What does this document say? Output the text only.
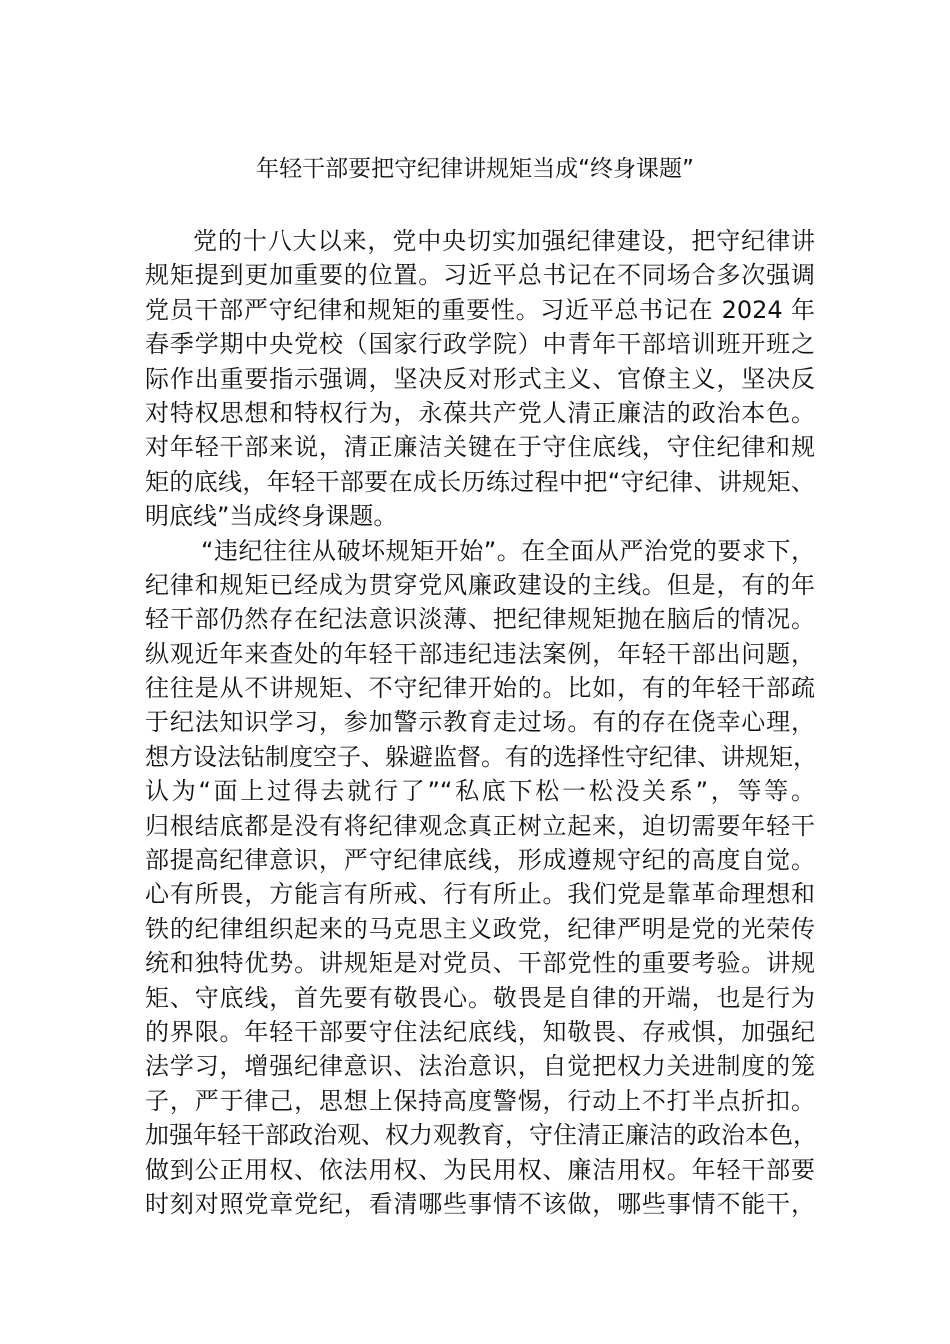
年轻干部要把守纪律讲规矩当成“终身课题”
党的十八大以来，党中央切实加强纪律建设，把守纪律讲
规矩提到更加重要的位置。习近平总书记在不同场合多次强调
党员干部严守纪律和规矩的重要性。习近平总书记在 2024 年
春季学期中央党校（国家行政学院）中青年干部培训班开班之
际作出重要指示强调，坚决反对形式主义、官僚主义，坚决反
对特权思想和特权行为，永葆共产党人清正廉洁的政治本色。
对年轻干部来说，清正廉洁关键在于守住底线，守住纪律和规
矩的底线，年轻干部要在成长历练过程中把“守纪律、讲规矩、
明底线”当成终身课题。
“违纪往往从破坏规矩开始”。在全面从严治党的要求下，
纪律和规矩已经成为贯穿党风廉政建设的主线。但是，有的年
轻干部仍然存在纪法意识淡薄、把纪律规矩抛在脑后的情况。
纵观近年来查处的年轻干部违纪违法案例，年轻干部出问题，
往往是从不讲规矩、不守纪律开始的。比如，有的年轻干部疏
于纪法知识学习，参加警示教育走过场。有的存在侥幸心理，
想方设法钻制度空子、躲避监督。有的选择性守纪律、讲规矩，
认为“面上过得去就行了”“私底下松一松没关系”，等等。
归根结底都是没有将纪律观念真正树立起来，迫切需要年轻干
部提高纪律意识，严守纪律底线，形成遵规守纪的高度自觉。
心有所畏，方能言有所戒、行有所止。我们党是靠革命理想和
铁的纪律组织起来的马克思主义政党，纪律严明是党的光荣传
统和独特优势。讲规矩是对党员、干部党性的重要考验。讲规
矩、守底线，首先要有敬畏心。敬畏是自律的开端，也是行为
的界限。年轻干部要守住法纪底线，知敬畏、存戒惧，加强纪
法学习，增强纪律意识、法治意识，自觉把权力关进制度的笼
子，严于律己，思想上保持高度警惕，行动上不打半点折扣。
加强年轻干部政治观、权力观教育，守住清正廉洁的政治本色，
做到公正用权、依法用权、为民用权、廉洁用权。年轻干部要
时刻对照党章党纪，看清哪些事情不该做，哪些事情不能干，
